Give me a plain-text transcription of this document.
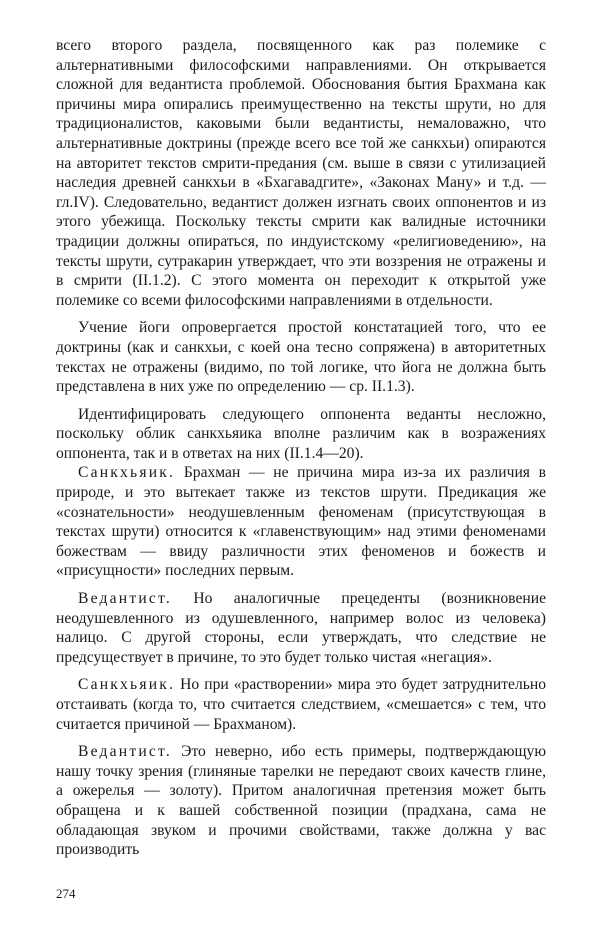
всего второго раздела, посвященного как раз полемике с альтернативными философскими направлениями. Он открывается сложной для ведантиста проблемой. Обоснования бытия Брахмана как причины мира опирались преимущественно на тексты шрути, но для традиционалистов, каковыми были ведантисты, немаловажно, что альтернативные доктрины (прежде всего все той же санкхьи) опираются на авторитет текстов смрити-предания (см. выше в связи с утилизацией наследия древней санкхьи в «Бхагавадгите», «Законах Ману» и т.д. — гл.IV). Следовательно, ведантист должен изгнать своих оппонентов и из этого убежища. Поскольку тексты смрити как валидные источники традиции должны опираться, по индуистскому «религиоведению», на тексты шрути, сутракарин утверждает, что эти воззрения не отражены и в смрити (II.1.2). С этого момента он переходит к открытой уже полемике со всеми философскими направлениями в отдельности.

Учение йоги опровергается простой констатацией того, что ее доктрины (как и санкхьи, с коей она тесно сопряжена) в авторитетных текстах не отражены (видимо, по той логике, что йога не должна быть представлена в них уже по определению — ср. II.1.3).

Идентифицировать следующего оппонента веданты несложно, поскольку облик санкхьяика вполне различим как в возражениях оппонента, так и в ответах на них (II.1.4—20).

Санкхьяик. Брахман — не причина мира из-за их различия в природе, и это вытекает также из текстов шрути. Предикация же «сознательности» неодушевленным феноменам (присутствующая в текстах шрути) относится к «главенствующим» над этими феноменами божествам — ввиду различности этих феноменов и божеств и «присущности» последних первым.

Ведантист. Но аналогичные прецеденты (возникновение неодушевленного из одушевленного, например волос из человека) налицо. С другой стороны, если утверждать, что следствие не предсуществует в причине, то это будет только чистая «негация».

Санкхьяик. Но при «растворении» мира это будет затруднительно отстаивать (когда то, что считается следствием, «смешается» с тем, что считается причиной — Брахманом).

Ведантист. Это неверно, ибо есть примеры, подтверждающую нашу точку зрения (глиняные тарелки не передают своих качеств глине, а ожерелья — золоту). Притом аналогичная претензия может быть обращена и к вашей собственной позиции (прадхана, сама не обладающая звуком и прочими свойствами, также должна у вас производить

274
